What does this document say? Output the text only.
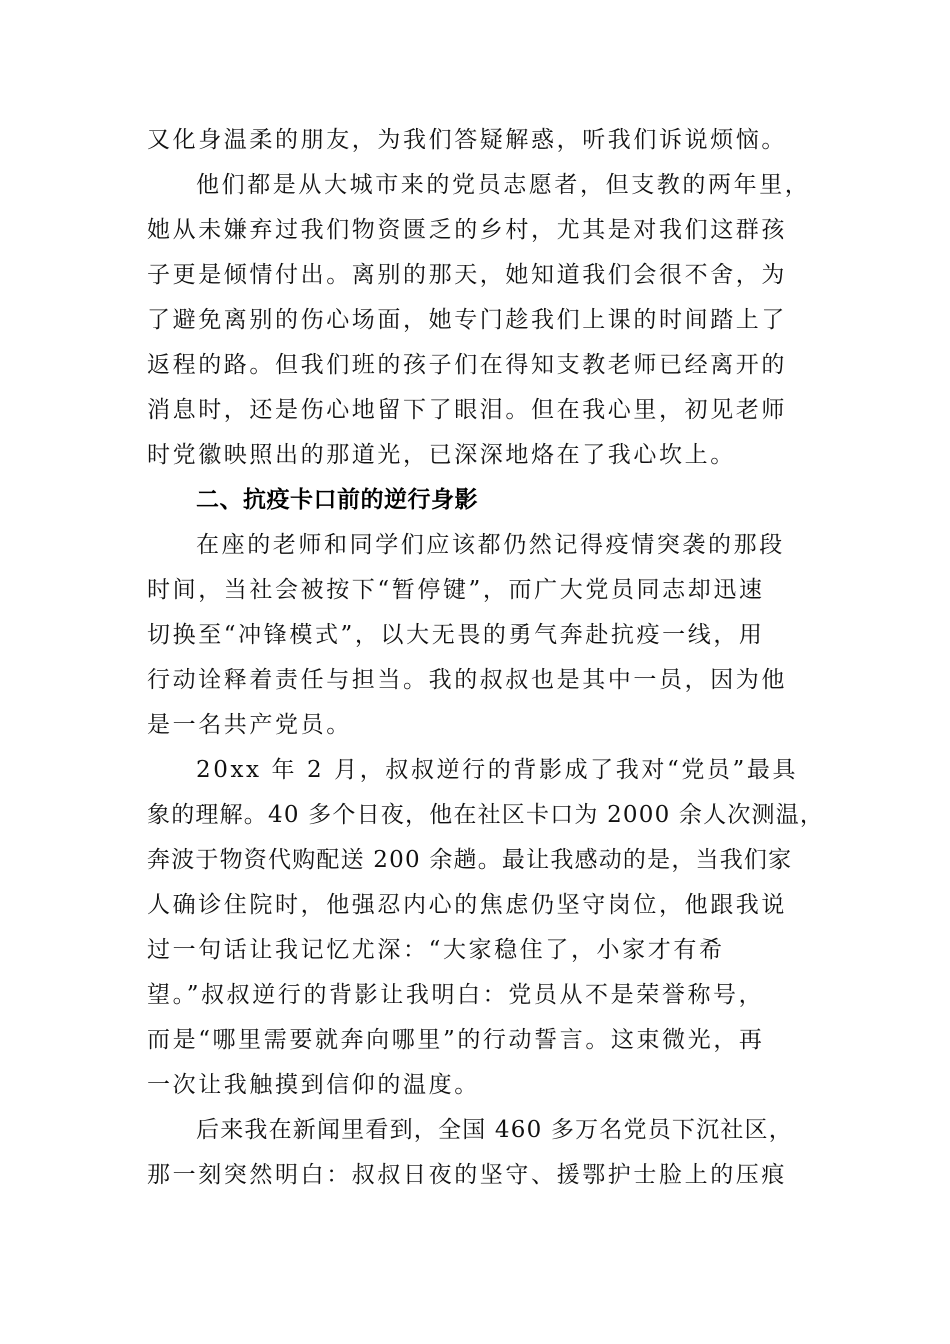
又化身温柔的朋友，为我们答疑解惑，听我们诉说烦恼。
他们都是从大城市来的党员志愿者，但支教的两年里，
她从未嫌弃过我们物资匮乏的乡村，尤其是对我们这群孩
子更是倾情付出。离别的那天，她知道我们会很不舍，为
了避免离别的伤心场面，她专门趁我们上课的时间踏上了
返程的路。但我们班的孩子们在得知支教老师已经离开的
消息时，还是伤心地留下了眼泪。但在我心里，初见老师
时党徽映照出的那道光，已深深地烙在了我心坎上。
二、抗疫卡口前的逆行身影
在座的老师和同学们应该都仍然记得疫情突袭的那段
时间，当社会被按下“暂停键”，而广大党员同志却迅速
切换至“冲锋模式”，以大无畏的勇气奔赴抗疫一线，用
行动诠释着责任与担当。我的叔叔也是其中一员，因为他
是一名共产党员。
20xx 年 2 月，叔叔逆行的背影成了我对“党员”最具
象的理解。40 多个日夜，他在社区卡口为 2000 余人次测温，
奔波于物资代购配送 200 余趟。最让我感动的是，当我们家
人确诊住院时，他强忍内心的焦虑仍坚守岗位，他跟我说
过一句话让我记忆尤深：“大家稳住了，小家才有希
望。”叔叔逆行的背影让我明白：党员从不是荣誉称号，
而是“哪里需要就奔向哪里”的行动誓言。这束微光，再
一次让我触摸到信仰的温度。
后来我在新闻里看到，全国 460 多万名党员下沉社区，
那一刻突然明白：叔叔日夜的坚守、援鄂护士脸上的压痕
